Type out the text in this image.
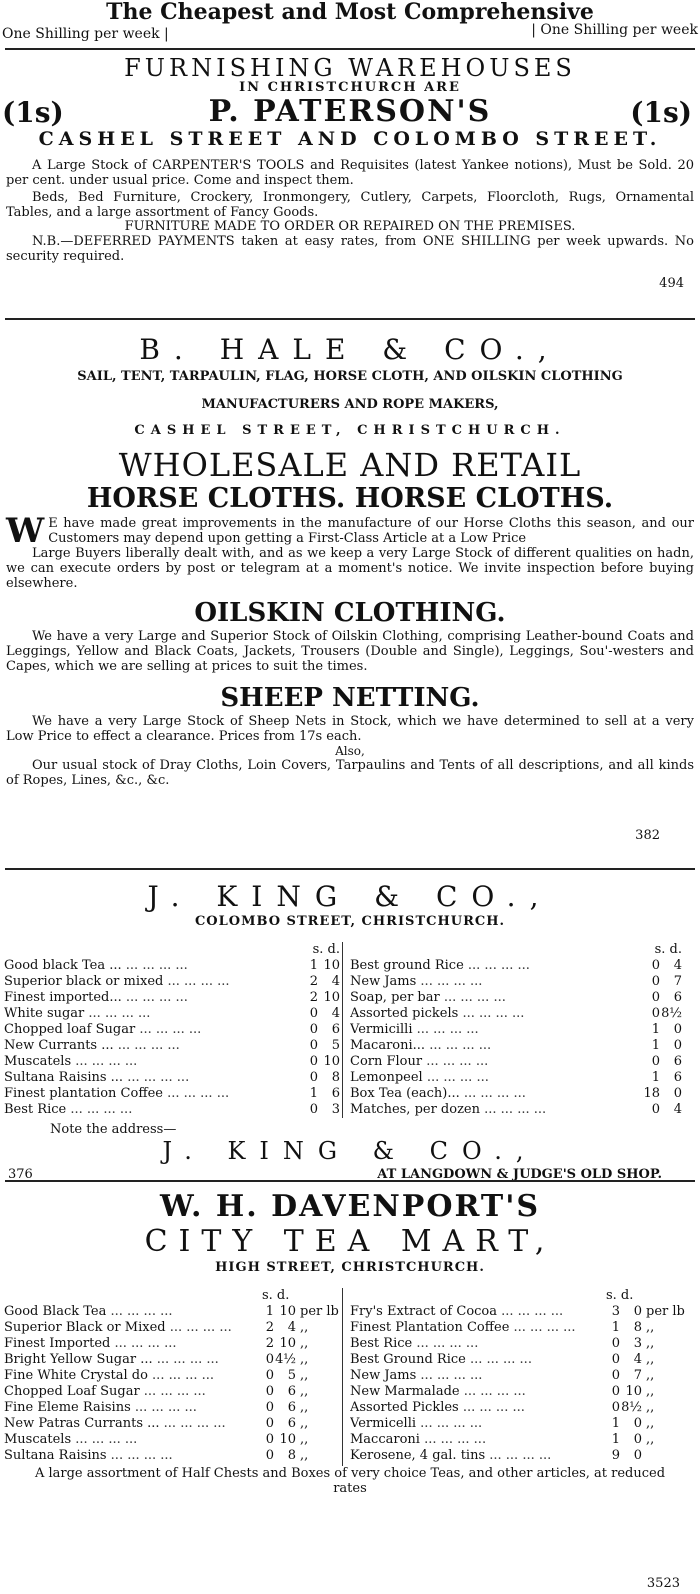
The Cheapest and Most Comprehensive
One Shilling per week |	| One Shilling per week
FURNISHING WAREHOUSES
IN CHRISTCHURCH ARE
(1s)	P. PATERSON'S	(1s)
CASHEL STREET AND COLOMBO STREET.
A Large Stock of CARPENTER'S TOOLS and Requisites (latest Yankee notions), Must be Sold. 20 per cent. under usual price. Come and inspect them.
Beds, Bed Furniture, Crockery, Ironmongery, Cutlery, Carpets, Floorcloth, Rugs, Ornamental Tables, and a large assortment of Fancy Goods.
FURNITURE MADE TO ORDER OR REPAIRED ON THE PREMISES.
N.B.—DEFERRED PAYMENTS taken at easy rates, from ONE SHILLING per week upwards. No security required.
494
B. HALE & CO.,
SAIL, TENT, TARPAULIN, FLAG, HORSE CLOTH, AND OILSKIN CLOTHING
MANUFACTURERS AND ROPE MAKERS,
CASHEL STREET, CHRISTCHURCH.
WHOLESALE AND RETAIL
HORSE CLOTHS. HORSE CLOTHS.
W E have made great improvements in the manufacture of our Horse Cloths this season, and our Customers may depend upon getting a First-Class Article at a Low Price
Large Buyers liberally dealt with, and as we keep a very Large Stock of different qualities on hadn, we can execute orders by post or telegram at a moment's notice. We invite inspection before buying elsewhere.
OILSKIN CLOTHING.
We have a very Large and Superior Stock of Oilskin Clothing, comprising Leather-bound Coats and Leggings, Yellow and Black Coats, Jackets, Trousers (Double and Single), Leggings, Sou'-westers and Capes, which we are selling at prices to suit the times.
SHEEP NETTING.
We have a very Large Stock of Sheep Nets in Stock, which we have determined to sell at a very Low Price to effect a clearance. Prices from 17s each.
Also,
Our usual stock of Dray Cloths, Loin Covers, Tarpaulins and Tents of all descriptions, and all kinds of Ropes, Lines, &c., &c.
382
J. KING & CO.,
COLOMBO STREET, CHRISTCHURCH.
s. d.
Good black Tea ... ... ... ... ...	1 10
Superior black or mixed ... ... ... ...	2	4
Finest imported... ... ... ... ...	2 10
White sugar ... ... ... ...	0	4
Chopped loaf Sugar ... ... ... ...	0	6
New Currants ... ... ... ... ...	0	5
Muscatels ... ... ... ...	0 10
Sultana Raisins ... ... ... ... ...	0	8
Finest plantation Coffee ... ... ... ...	1	6
Best Rice ... ... ... ...	0	3
s. d.
Best ground Rice ... ... ... ...	0	4
New Jams ... ... ... ...	0	7
Soap, per bar ... ... ... ...	0	6
Assorted pickels ... ... ... ...	0 8½
Vermicilli ... ... ... ...	1	0
Macaroni... ... ... ... ...	1	0
Corn Flour ... ... ... ...	0	6
Lemonpeel ... ... ... ...	1	6
Box Tea (each)... ... ... ... ...	18	0
Matches, per dozen ... ... ... ...	0	4
Note the address—
J. KING & CO.,
376	AT LANGDOWN & JUDGE'S OLD SHOP.
W. H. DAVENPORT'S
CITY TEA MART,
HIGH STREET, CHRISTCHURCH.
s. d.
Good Black Tea ... ... ... ...	1 10 per lb
Superior Black or Mixed ... ... ... ...	2	4 ,,
Finest Imported ... ... ... ...	2 10 ,,
Bright Yellow Sugar ... ... ... ... ...	0 4½ ,,
Fine White Crystal do ... ... ... ...	0	5 ,,
Chopped Loaf Sugar ... ... ... ...	0	6 ,,
Fine Eleme Raisins ... ... ... ...	0	6 ,,
New Patras Currants ... ... ... ... ...	0	6 ,,
Muscatels ... ... ... ...	0 10 ,,
Sultana Raisins ... ... ... ...	0	8 ,,
s. d.
Fry's Extract of Cocoa ... ... ... ...	3	0 per lb
Finest Plantation Coffee ... ... ... ...	1	8 ,,
Best Rice ... ... ... ...	0	3 ,,
Best Ground Rice ... ... ... ...	0	4 ,,
New Jams ... ... ... ...	0	7 ,,
New Marmalade ... ... ... ...	0 10 ,,
Assorted Pickles ... ... ... ...	0 8½ ,,
Vermicelli ... ... ... ...	1	0 ,,
Maccaroni ... ... ... ...	1	0 ,,
Kerosene, 4 gal. tins ... ... ... ...	9	0
A large assortment of Half Chests and Boxes of very choice Teas, and other articles, at reduced rates
3523
